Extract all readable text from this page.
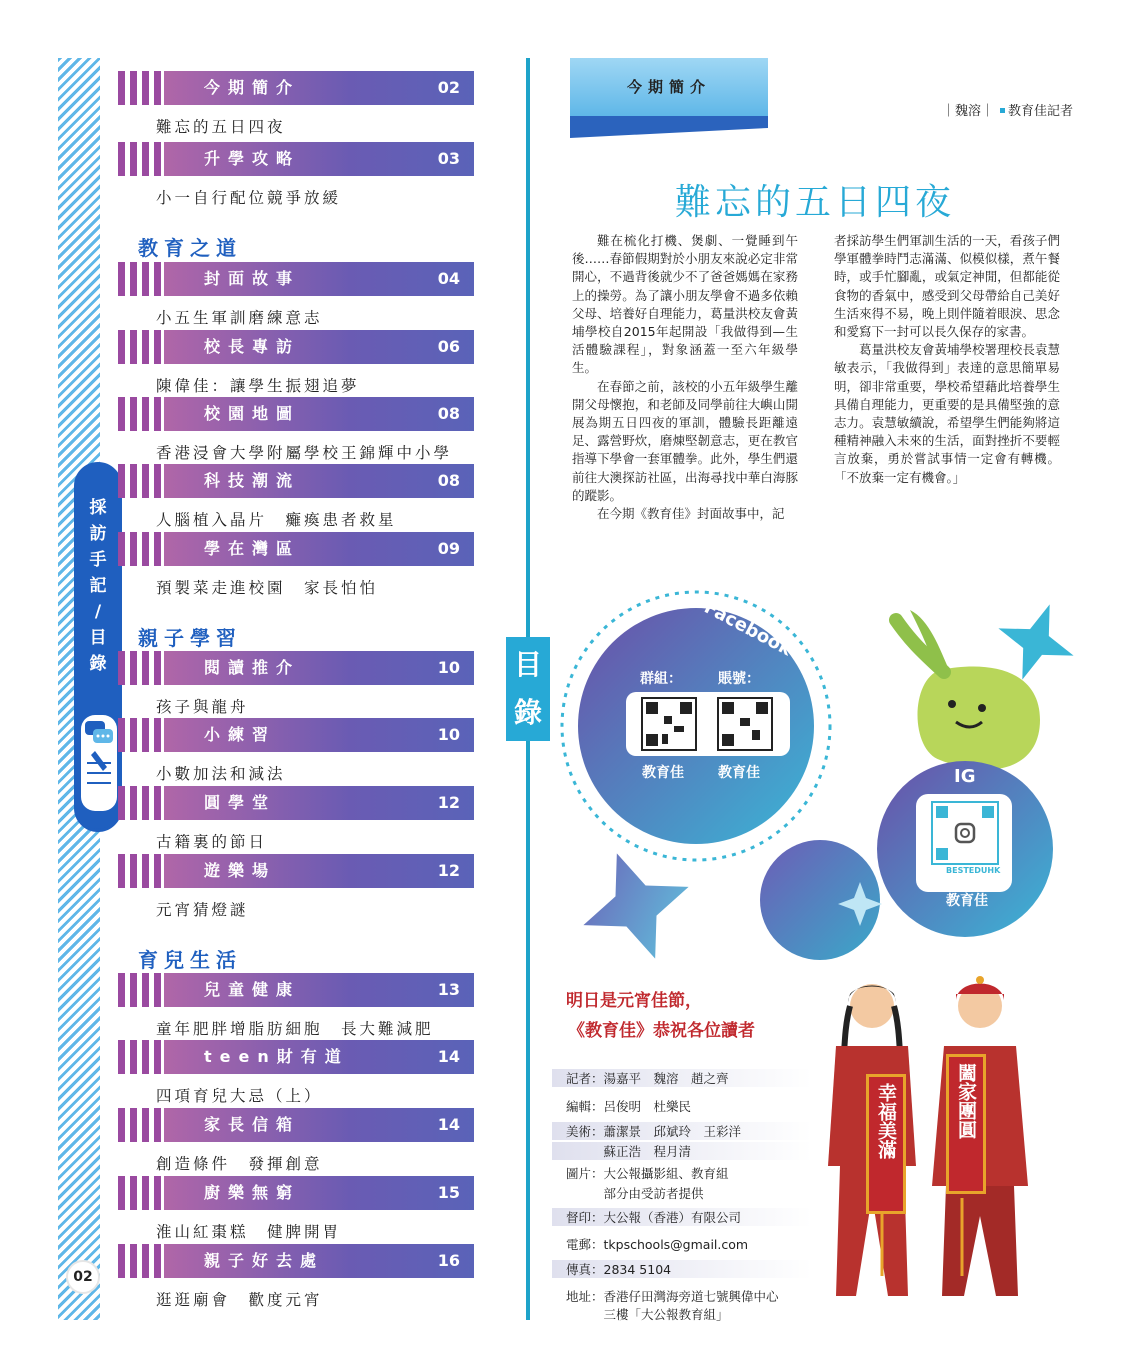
採
訪
手
記
/
目
錄
02
教育之道
親子學習
育兒生活
今期簡介	02
難忘的五日四夜
升學攻略	03
小一自行配位競爭放緩
封面故事	04
小五生軍訓磨練意志
校長專訪	06
陳偉佳：讓學生振翅追夢
校園地圖	08
香港浸會大學附屬學校王錦輝中小學
科技潮流	08
人腦植入晶片　癱瘓患者救星
學在灣區	09
預製菜走進校園　家長怕怕
閱讀推介	10
孩子與龍舟
小練習	10
小數加法和減法
圓學堂	12
古籍裏的節日
遊樂場	12
元宵猜燈謎
兒童健康	13
童年肥胖增脂肪細胞　長大難減肥
teen財有道	14
四項育兒大忌（上）
家長信箱	14
創造條件　發揮創意
廚樂無窮	15
淮山紅棗糕　健脾開胃
親子好去處	16
逛逛廟會　歡度元宵
目
錄
今期簡介
｜魏溶｜ 教育佳記者
難忘的五日四夜

難在梳化打機、煲劇、一覺睡到午後……春節假期對於小朋友來說必定非常開心，不過背後就少不了爸爸媽媽在家務上的操勞。為了讓小朋友學會不過多依賴父母、培養好自理能力，葛量洪校友會黃埔學校自2015年起開設「我做得到—生活體驗課程」，對象涵蓋一至六年級學生。

在春節之前，該校的小五年級學生離開父母懷抱，和老師及同學前往大嶼山開展為期五日四夜的軍訓，體驗長距離遠足、露營野炊，磨煉堅韌意志，更在教官指導下學會一套軍體拳。此外，學生們還前往大澳探訪社區，出海尋找中華白海豚的蹤影。

在今期《教育佳》封面故事中，記

者採訪學生們軍訓生活的一天，看孩子們學軍體拳時鬥志滿滿、似模似樣，煮午餐時，或手忙腳亂，或氣定神閒，但都能從食物的香氣中，感受到父母帶給自己美好生活來得不易，晚上則伴隨着眼淚、思念和愛寫下一封可以長久保存的家書。

葛量洪校友會黃埔學校署理校長袁慧敏表示，「我做得到」表達的意思簡單易明，卻非常重要，學校希望藉此培養學生具備自理能力，更重要的是具備堅強的意志力。袁慧敏續說，希望學生們能夠將這種精神融入未來的生活，面對挫折不要輕言放棄，勇於嘗試事情一定會有轉機。「不放棄一定有機會。」

Facebook
群組：	賬號：
教育佳 教育佳	IG
BESTEDUHK
教育佳
明日是元宵佳節，
《教育佳》恭祝各位讀者
記者：湯嘉平　魏溶　趙之齊
編輯：呂俊明　杜樂民
美術：蕭潔景　邱斌玲　王彩洋
　　　蘇正浩　程月清
圖片：大公報攝影組、教育組
　　　部分由受訪者提供
督印：大公報（香港）有限公司
電郵：tkpschools@gmail.com
傳真：2834 5104
地址：香港仔田灣海旁道七號興偉中心
　　　三樓「大公報教育組」
幸福美滿	闔家團圓
